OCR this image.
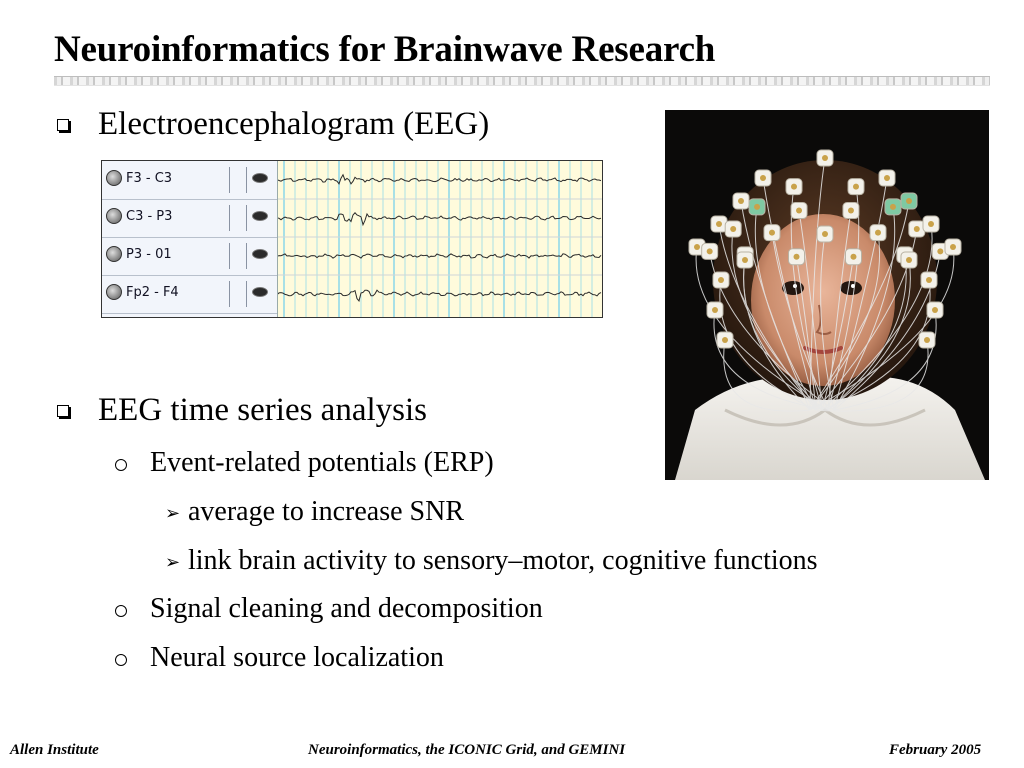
Neuroinformatics for Brainwave Research
Electroencephalogram (EEG)
F3 - C3
C3 - P3
P3 - 01
Fp2 - F4
EEG time series analysis
Event-related potentials (ERP)
➢ average to increase SNR
➢ link brain activity to sensory–motor, cognitive functions
Signal cleaning and decomposition
Neural source localization
Allen Institute	Neuroinformatics, the ICONIC Grid, and GEMINI	February 2005
